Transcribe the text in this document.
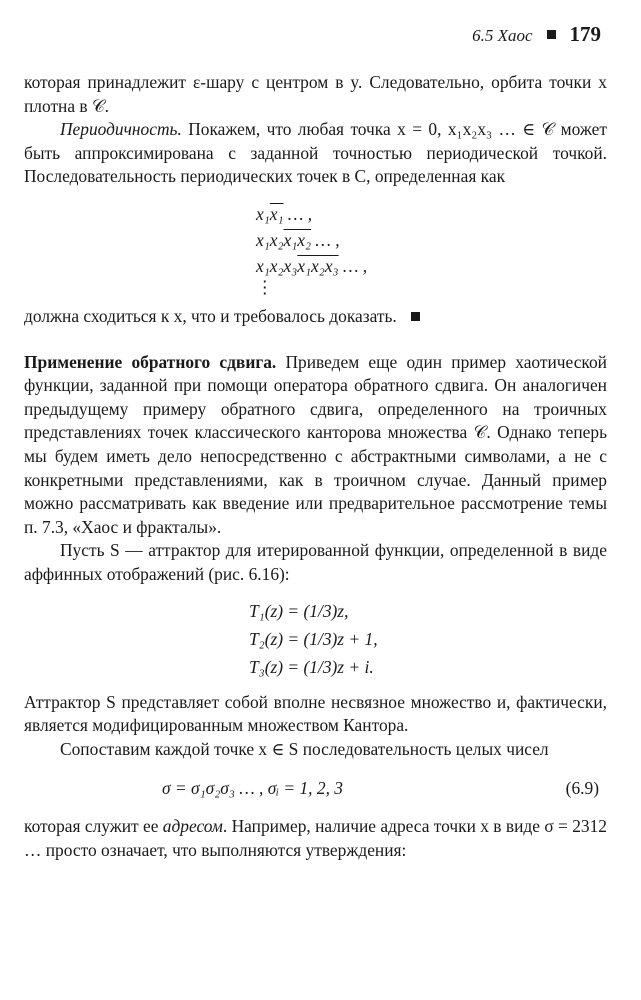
6.5 Хаос 179

которая принадлежит ε-шару с центром в y. Следовательно, орбита точки x плотна в 𝒞.

Периодичность. Покажем, что любая точка x = 0, x₁x₂x₃ … ∈ 𝒞 может быть аппроксимирована с заданной точностью периодической точкой. Последовательность периодических точек в C, определенная как

x₁x₁ … ,
x₁x₂x₁x₂ … ,
x₁x₂x₃x₁x₂x₃ … ,
⋮

должна сходиться к x, что и требовалось доказать.

Применение обратного сдвига. Приведем еще один пример хаотической функции, заданной при помощи оператора обратного сдвига. Он аналогичен предыдущему примеру обратного сдвига, определенного на троичных представлениях точек классического канторова множества 𝒞. Однако теперь мы будем иметь дело непосредственно с абстрактными символами, а не с конкретными представлениями, как в троичном случае. Данный пример можно рассматривать как введение или предварительное рассмотрение темы п. 7.3, «Хаос и фракталы».

Пусть S — аттрактор для итерированной функции, определенной в виде аффинных отображений (рис. 6.16):

T₁(z) = (1/3)z,
T₂(z) = (1/3)z + 1,
T₃(z) = (1/3)z + i.

Аттрактор S представляет собой вполне несвязное множество и, фактически, является модифицированным множеством Кантора.

Сопоставим каждой точке x ∈ S последовательность целых чисел

σ = σ₁σ₂σ₃ … , σᵢ = 1, 2, 3	(6.9)

которая служит ее адресом. Например, наличие адреса точки x в виде σ = 2312 … просто означает, что выполняются утверждения:
